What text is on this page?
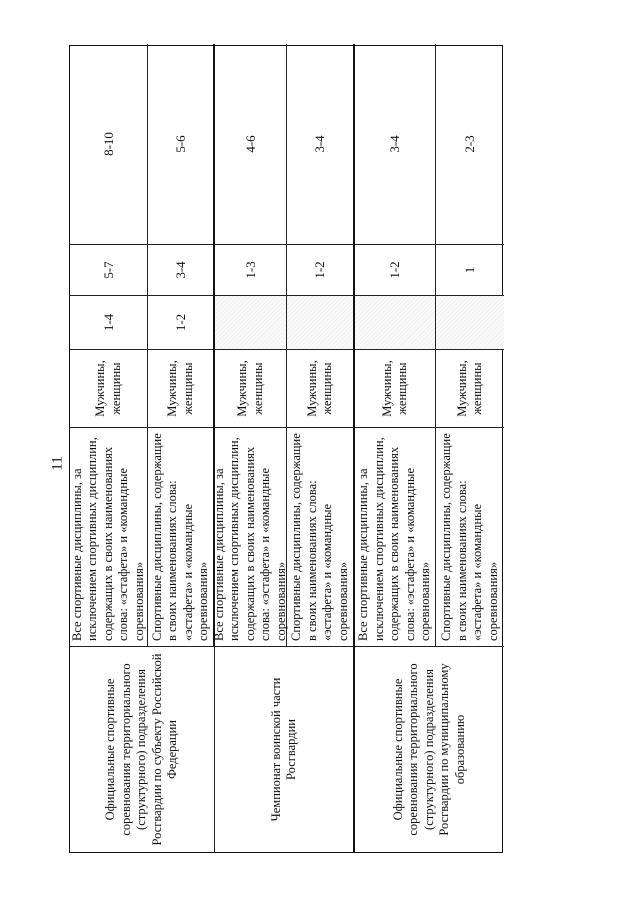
11
Официальные спортивные соревнования территориального (структурного) подразделения Росгвардии по субъекту Российской Федерации
Все спортивные дисциплины, за исключением спортивных дисциплин, содержащих в своих наименованиях слова: «эстафета» и «командные соревнования»
Мужчины, женщины
1-4
5-7
8-10
Спортивные дисциплины, содержащие в своих наименованиях слова: «эстафета» и «командные соревнования»
Мужчины, женщины
1-2
3-4
5-6
Чемпионат воинской части Росгвардии
Все спортивные дисциплины, за исключением спортивных дисциплин, содержащих в своих наименованиях слова: «эстафета» и «командные соревнования»
Мужчины, женщины
1-3
4-6
Спортивные дисциплины, содержащие в своих наименованиях слова: «эстафета» и «командные соревнования»
Мужчины, женщины
1-2
3-4
Официальные спортивные соревнования территориального (структурного) подразделения Росгвардии по муниципальному образованию
Все спортивные дисциплины, за исключением спортивных дисциплин, содержащих в своих наименованиях слова: «эстафета» и «командные соревнования»
Мужчины, женщины
1-2
3-4
Спортивные дисциплины, содержащие в своих наименованиях слова: «эстафета» и «командные соревнования»
Мужчины, женщины
1
2-3
